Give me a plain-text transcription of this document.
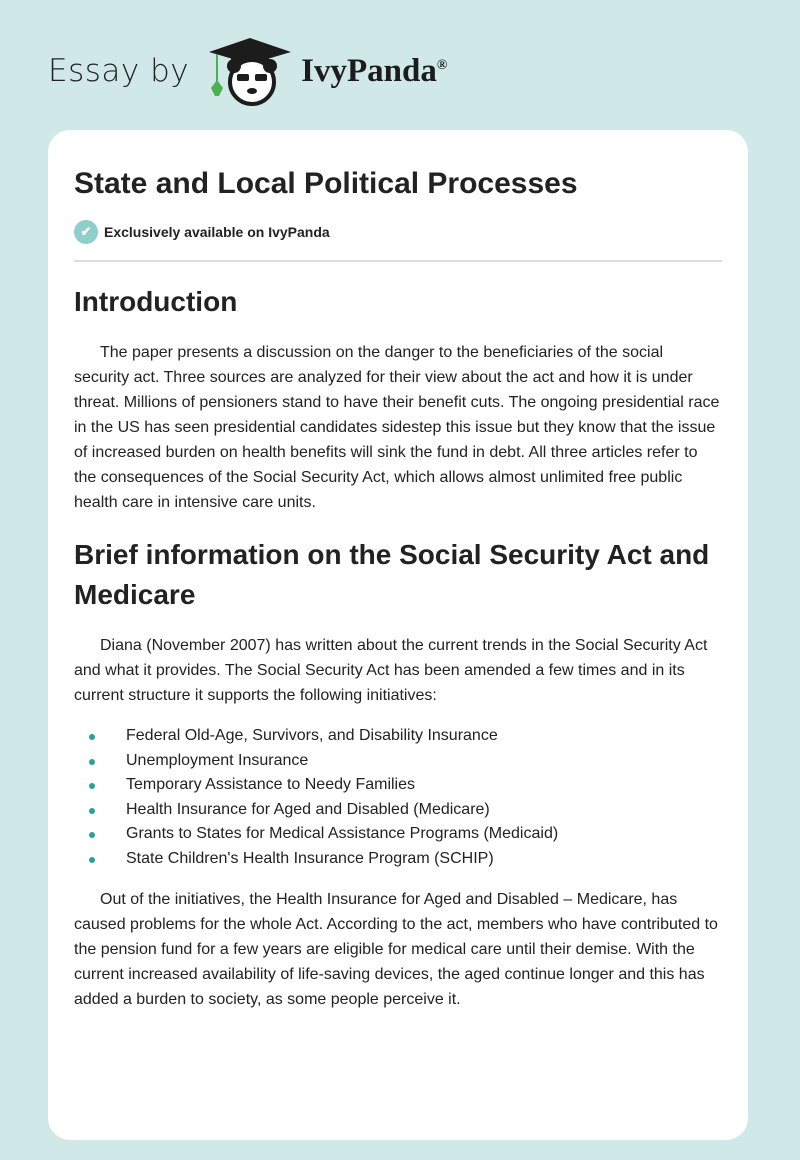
Essay by	IvyPanda®
State and Local Political Processes
✔ Exclusively available on IvyPanda
Introduction

The paper presents a discussion on the danger to the beneficiaries of the social security act. Three sources are analyzed for their view about the act and how it is under threat. Millions of pensioners stand to have their benefit cuts. The ongoing presidential race in the US has seen presidential candidates sidestep this issue but they know that the issue of increased burden on health benefits will sink the fund in debt. All three articles refer to the consequences of the Social Security Act, which allows almost unlimited free public health care in intensive care units.

Brief information on the Social Security Act and Medicare

Diana (November 2007) has written about the current trends in the Social Security Act and what it provides. The Social Security Act has been amended a few times and in its current structure it supports the following initiatives:

Federal Old-Age, Survivors, and Disability Insurance
Unemployment Insurance
Temporary Assistance to Needy Families
Health Insurance for Aged and Disabled (Medicare)
Grants to States for Medical Assistance Programs (Medicaid)
State Children's Health Insurance Program (SCHIP)

Out of the initiatives, the Health Insurance for Aged and Disabled – Medicare, has caused problems for the whole Act. According to the act, members who have contributed to the pension fund for a few years are eligible for medical care until their demise. With the current increased availability of life-saving devices, the aged continue longer and this has added a burden to society, as some people perceive it.
